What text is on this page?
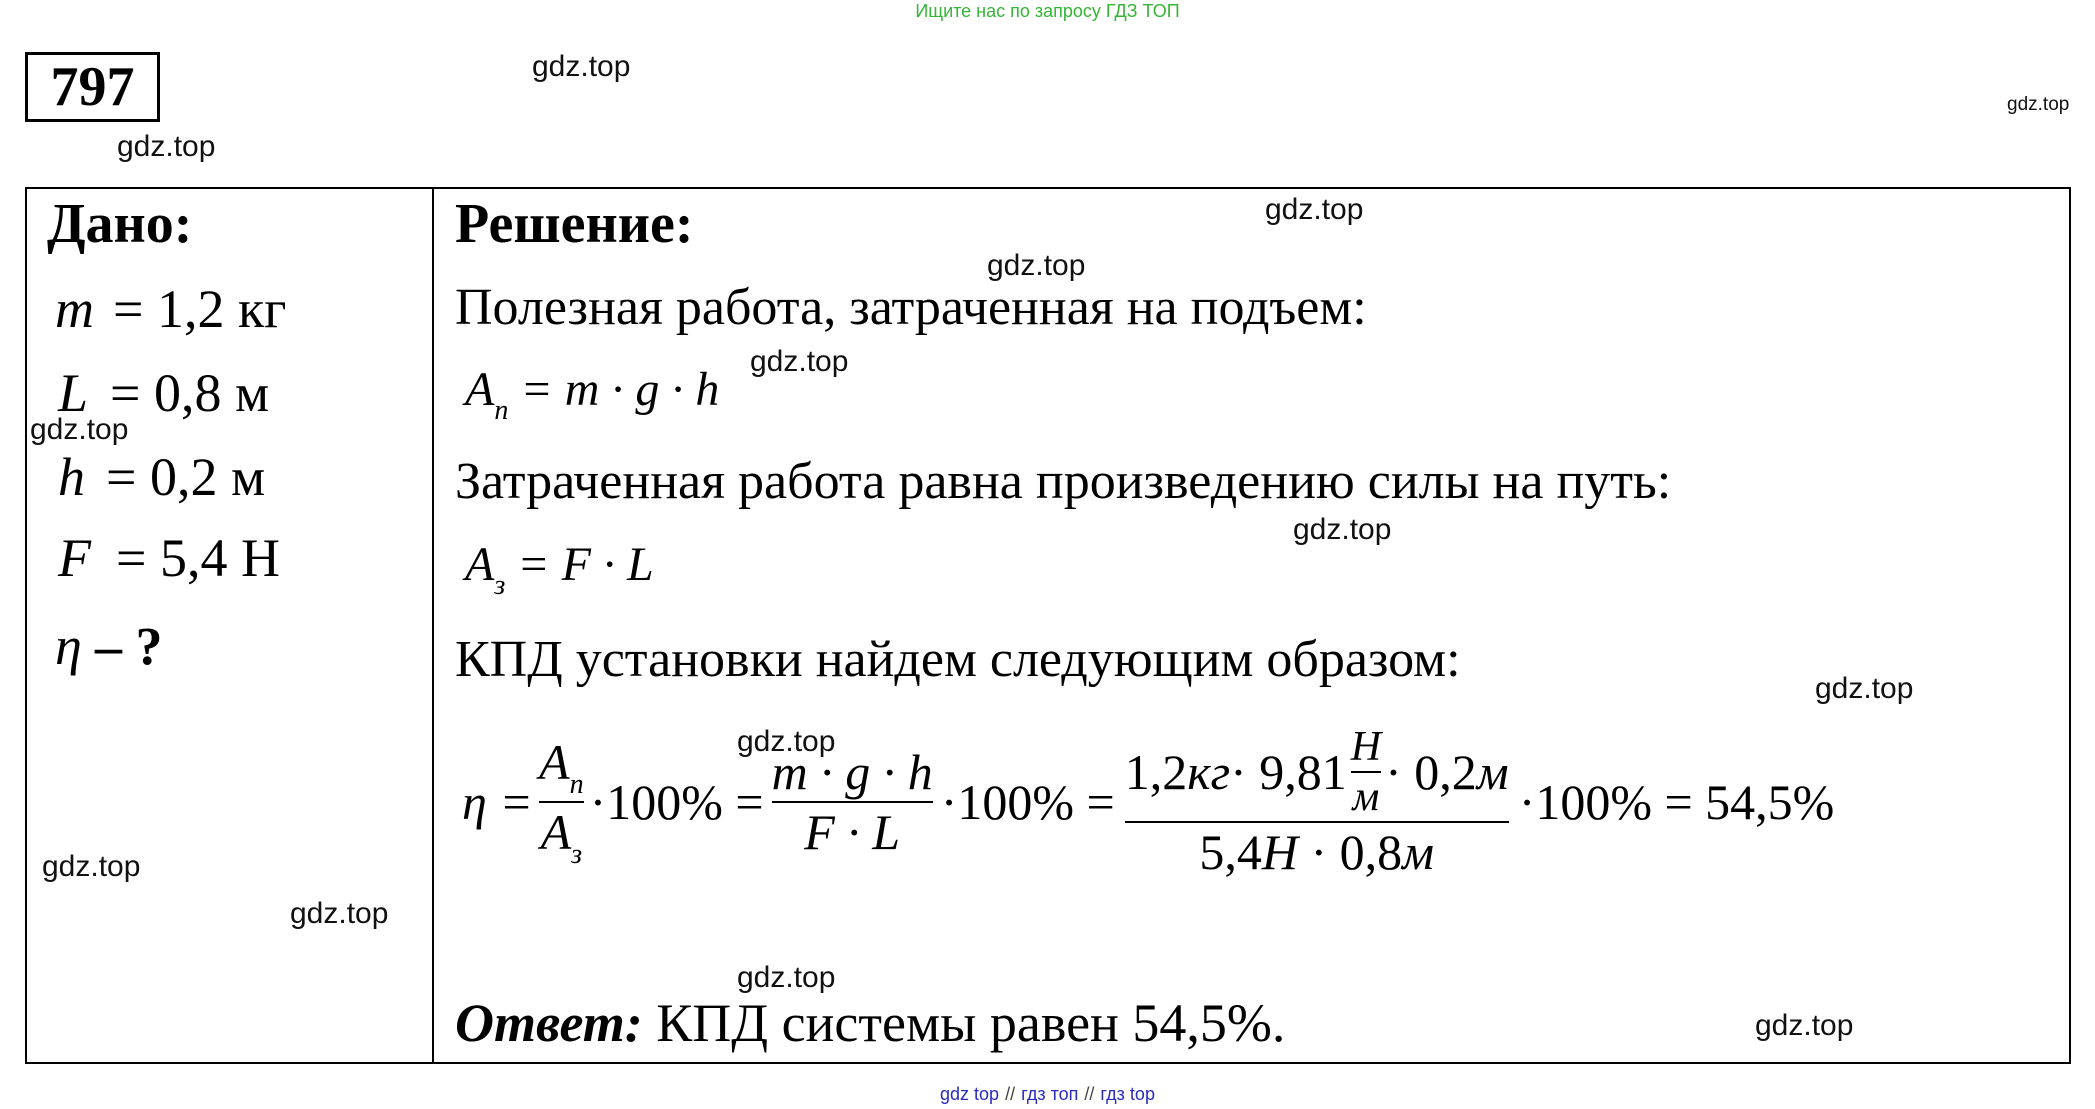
Ищите нас по запросу ГДЗ ТОП
797	gdz.top
gdz.top
gdz.top
gdz.top
gdz.top
gdz.top
gdz.top
gdz.top
gdz.top
gdz.top
gdz.top
gdz.top
gdz.top
gdz.top
Дано:
m = 1,2 кг
L = 0,8 м
h = 0,2 м
F = 5,4 Н
η – ?
Решение:
Полезная работа, затраченная на подъем:
$A_п = m \cdot g \cdot h$
Затраченная работа равна произведению силы на путь:
$A_з = F \cdot L$
КПД установки найдем следующим образом:
$\eta = \frac{A_п}{A_з} \cdot 100\% = \frac{m \cdot g \cdot h}{F \cdot L} \cdot 100\%$ =
1,2 кг · $9,81 \frac{Н}{м} \cdot 0,2$ м
5,4Н · 0,8м
·100% = 54,5%
Ответ: КПД системы равен 54,5%.
gdz top // гдз топ // гдз top
